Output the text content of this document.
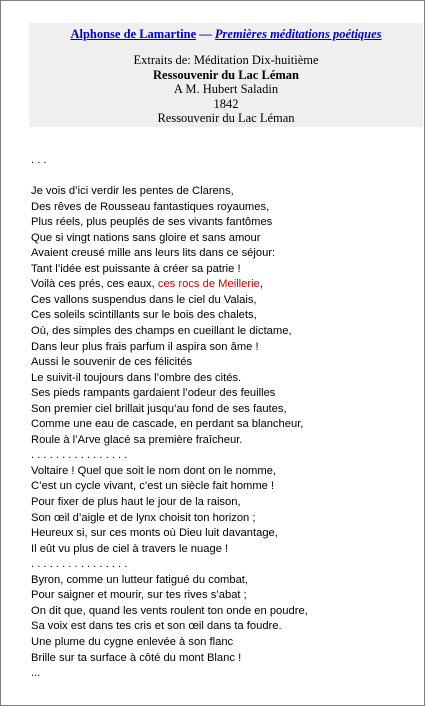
Alphonse de Lamartine — Premières méditations poétiques
Extraits de: Méditation Dix-huitième
Ressouvenir du Lac Léman
A M. Hubert Saladin
1842
Ressouvenir du Lac Léman
. . .
Je vois d’ici verdir les pentes de Clarens,
Des rêves de Rousseau fantastiques royaumes,
Plus réels, plus peuplés de ses vivants fantômes
Que si vingt nations sans gloire et sans amour
Avaient creusé mille ans leurs lits dans ce séjour:
Tant l’idée est puissante à créer sa patrie !
Voilà ces prés, ces eaux, ces rocs de Meillerie,
Ces vallons suspendus dans le ciel du Valais,
Ces soleils scintillants sur le bois des chalets,
Où, des simples des champs en cueillant le dictame,
Dans leur plus frais parfum il aspira son âme !
Aussi le souvenir de ces félicités
Le suivit-il toujours dans l’ombre des cités.
Ses pieds rampants gardaient l’odeur des feuilles
Son premier ciel brillait jusqu’au fond de ses fautes,
Comme une eau de cascade, en perdant sa blancheur,
Roule à l’Arve glacé sa première fraîcheur.
. . . . . . . . . . . . . . . .
Voltaire ! Quel que soit le nom dont on le nomme,
C’est un cycle vivant, c’est un siècle fait homme !
Pour fixer de plus haut le jour de la raison,
Son œil d’aigle et de lynx choisit ton horizon ;
Heureux si, sur ces monts où Dieu luit davantage,
Il eût vu plus de ciel à travers le nuage !
. . . . . . . . . . . . . . . .
Byron, comme un lutteur fatigué du combat,
Pour saigner et mourir, sur tes rives s’abat ;
On dit que, quand les vents roulent ton onde en poudre,
Sa voix est dans tes cris et son œil dans ta foudre.
Une plume du cygne enlevée à son flanc
Brille sur ta surface à côté du mont Blanc !
...
